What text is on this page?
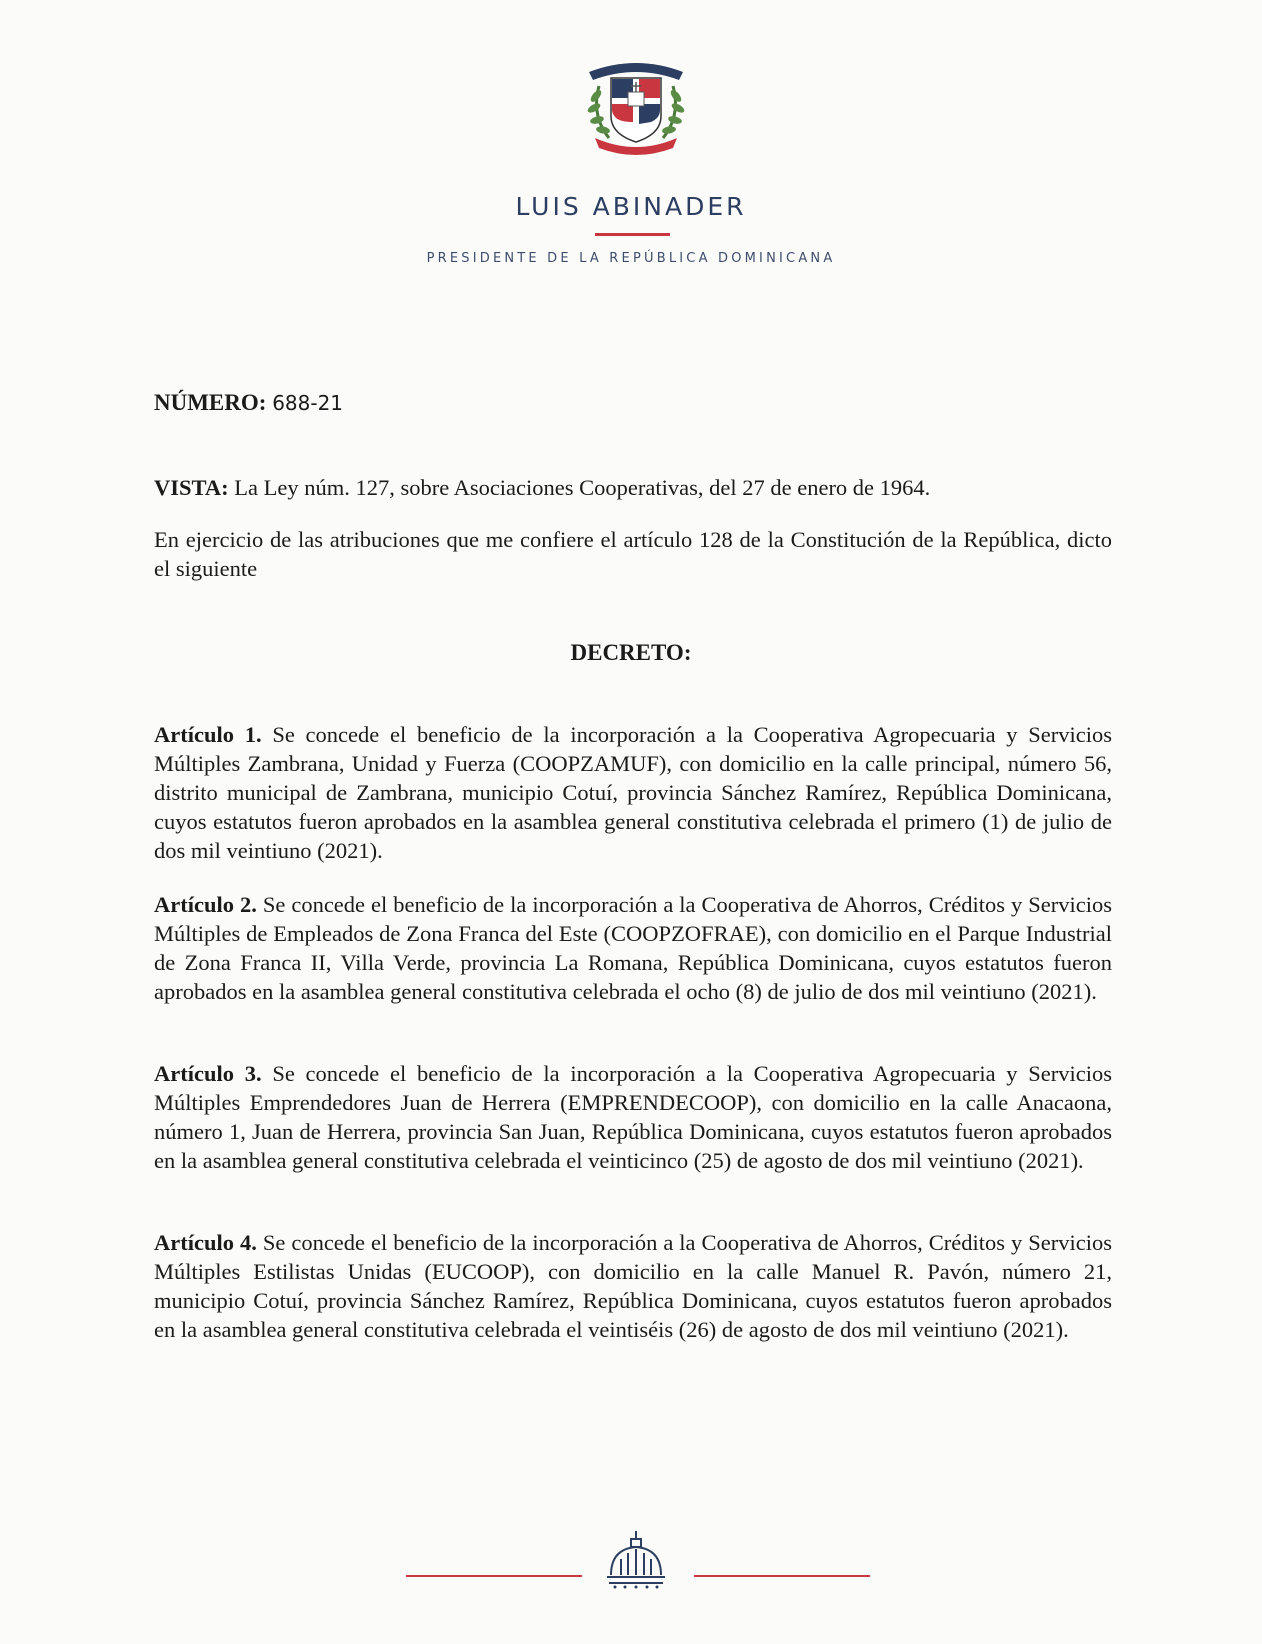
LUIS ABINADER
PRESIDENTE DE LA REPÚBLICA DOMINICANA
NÚMERO: 688-21
VISTA: La Ley núm. 127, sobre Asociaciones Cooperativas, del 27 de enero de 1964.
En ejercicio de las atribuciones que me confiere el artículo 128 de la Constitución de la República, dicto el siguiente
DECRETO:
Artículo 1. Se concede el beneficio de la incorporación a la Cooperativa Agropecuaria y Servicios Múltiples Zambrana, Unidad y Fuerza (COOPZAMUF), con domicilio en la calle principal, número 56, distrito municipal de Zambrana, municipio Cotuí, provincia Sánchez Ramírez, República Dominicana, cuyos estatutos fueron aprobados en la asamblea general constitutiva celebrada el primero (1) de julio de dos mil veintiuno (2021).
Artículo 2. Se concede el beneficio de la incorporación a la Cooperativa de Ahorros, Créditos y Servicios Múltiples de Empleados de Zona Franca del Este (COOPZOFRAE), con domicilio en el Parque Industrial de Zona Franca II, Villa Verde, provincia La Romana, República Dominicana, cuyos estatutos fueron aprobados en la asamblea general constitutiva celebrada el ocho (8) de julio de dos mil veintiuno (2021).
Artículo 3. Se concede el beneficio de la incorporación a la Cooperativa Agropecuaria y Servicios Múltiples Emprendedores Juan de Herrera (EMPRENDECOOP), con domicilio en la calle Anacaona, número 1, Juan de Herrera, provincia San Juan, República Dominicana, cuyos estatutos fueron aprobados en la asamblea general constitutiva celebrada el veinticinco (25) de agosto de dos mil veintiuno (2021).
Artículo 4. Se concede el beneficio de la incorporación a la Cooperativa de Ahorros, Créditos y Servicios Múltiples Estilistas Unidas (EUCOOP), con domicilio en la calle Manuel R. Pavón, número 21, municipio Cotuí, provincia Sánchez Ramírez, República Dominicana, cuyos estatutos fueron aprobados en la asamblea general constitutiva celebrada el veintiséis (26) de agosto de dos mil veintiuno (2021).
